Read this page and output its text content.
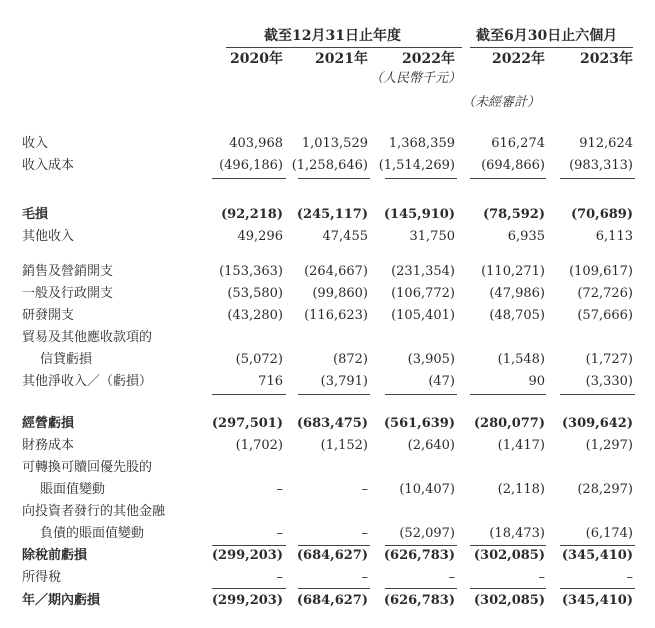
截至12月31日止年度	截至6月30日止六個月
2020年 2021年 2022年	2022年	2023年
（人民幣千元）
（未經審計）
收入	403,968 1,013,529 1,368,359	616,274	912,624
收入成本	(496,186) (1,258,646) (1,514,269) (694,866) (983,313)
毛損	(92,218) (245,117) (145,910) (78,592) (70,689)
其他收入	49,296	47,455	31,750	6,935	6,113
銷售及營銷開支	(153,363) (264,667) (231,354) (110,271) (109,617)
一般及行政開支	(53,580) (99,860) (106,772)	(47,986) (72,726)
研發開支	(43,280) (116,623) (105,401)	(48,705) (57,666)
貿易及其他應收款項的
信貸虧損	(5,072)	(872)	(3,905)	(1,548)	(1,727)
其他淨收入／（虧損）	716	(3,791)	(47)	90	(3,330)
經營虧損	(297,501) (683,475) (561,639) (280,077) (309,642)
財務成本	(1,702)	(1,152)	(2,640)	(1,417)	(1,297)
可轉換可贖回優先股的
賬面值變動	–	– (10,407)	(2,118) (28,297)
向投資者發行的其他金融
負債的賬面值變動	–	– (52,097)	(18,473)	(6,174)
除稅前虧損	(299,203) (684,627) (626,783) (302,085) (345,410)
所得稅	–	–	–	–	–
年／期內虧損	(299,203) (684,627) (626,783) (302,085) (345,410)
